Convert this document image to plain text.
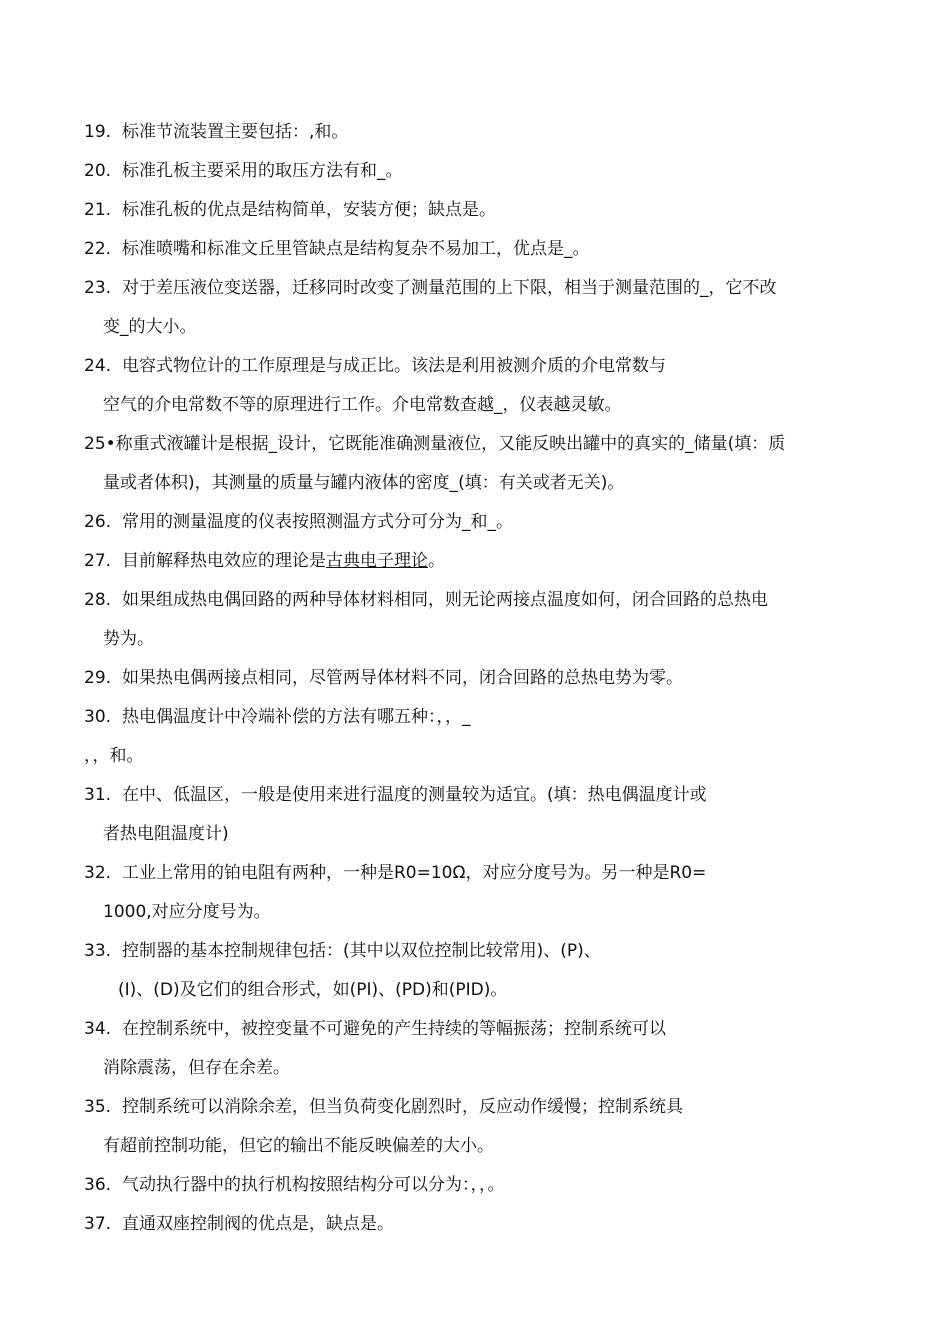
19. 标准节流装置主要包括：,和。
20. 标准孔板主要采用的取压方法有和_。
21. 标准孔板的优点是结构简单，安装方便；缺点是。
22. 标准喷嘴和标准文丘里管缺点是结构复杂不易加工，优点是_。
23. 对于差压液位变送器，迁移同时改变了测量范围的上下限，相当于测量范围的_，它不改
变_的大小。
24. 电容式物位计的工作原理是与成正比。该法是利用被测介质的介电常数与
空气的介电常数不等的原理进行工作。介电常数查越_，仪表越灵敏。
25•称重式液罐计是根据_设计，它既能准确测量液位，又能反映出罐中的真实的_储量(填：质
量或者体积)，其测量的质量与罐内液体的密度_(填：有关或者无关)。
26. 常用的测量温度的仪表按照测温方式分可分为_和_。
27. 目前解释热电效应的理论是古典电子理论。
28. 如果组成热电偶回路的两种导体材料相同，则无论两接点温度如何，闭合回路的总热电
势为。
29. 如果热电偶两接点相同，尽管两导体材料不同，闭合回路的总热电势为零。
30. 热电偶温度计中冷端补偿的方法有哪五种：，，_
，，和。
31. 在中、低温区，一般是使用来进行温度的测量较为适宜。(填：热电偶温度计或
者热电阻温度计)
32. 工业上常用的铂电阻有两种，一种是R0=10Ω，对应分度号为。另一种是R0=
1000,对应分度号为。
33. 控制器的基本控制规律包括：(其中以双位控制比较常用)、(P)、
(I)、(D)及它们的组合形式，如(PI)、(PD)和(PID)。
34. 在控制系统中，被控变量不可避免的产生持续的等幅振荡；控制系统可以
消除震荡，但存在余差。
35. 控制系统可以消除余差，但当负荷变化剧烈时，反应动作缓慢；控制系统具
有超前控制功能，但它的输出不能反映偏差的大小。
36. 气动执行器中的执行机构按照结构分可以分为：，，。
37. 直通双座控制阀的优点是，缺点是。
